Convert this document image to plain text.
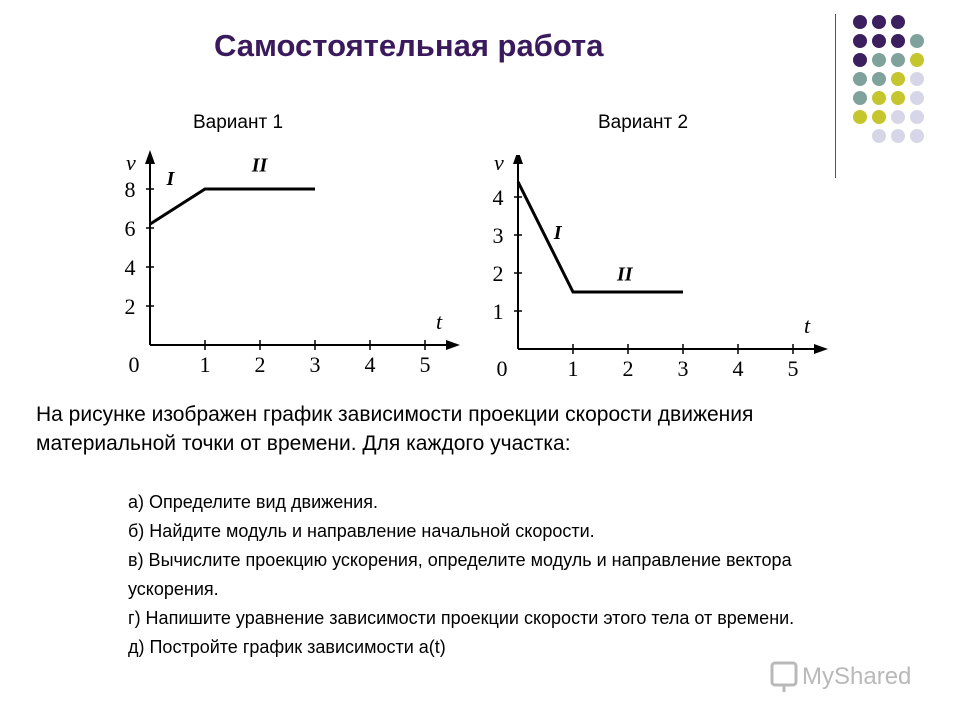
Самостоятельная работа
Вариант 1	Вариант 2
0	1 2 3 4 5
2
4
6
8
v
t
I
II
0	1 2 3 4 5
1
2
3
4
v
t
I
II
На рисунке изображен график зависимости проекции скорости движения материальной точки от времени. Для каждого участка:
а) Определите вид движения.
б) Найдите модуль и направление начальной скорости.
в) Вычислите проекцию ускорения, определите модуль и направление вектора ускорения.
г) Напишите уравнение зависимости проекции скорости этого тела от времени.
д) Постройте график зависимости а(t)
MyShared
